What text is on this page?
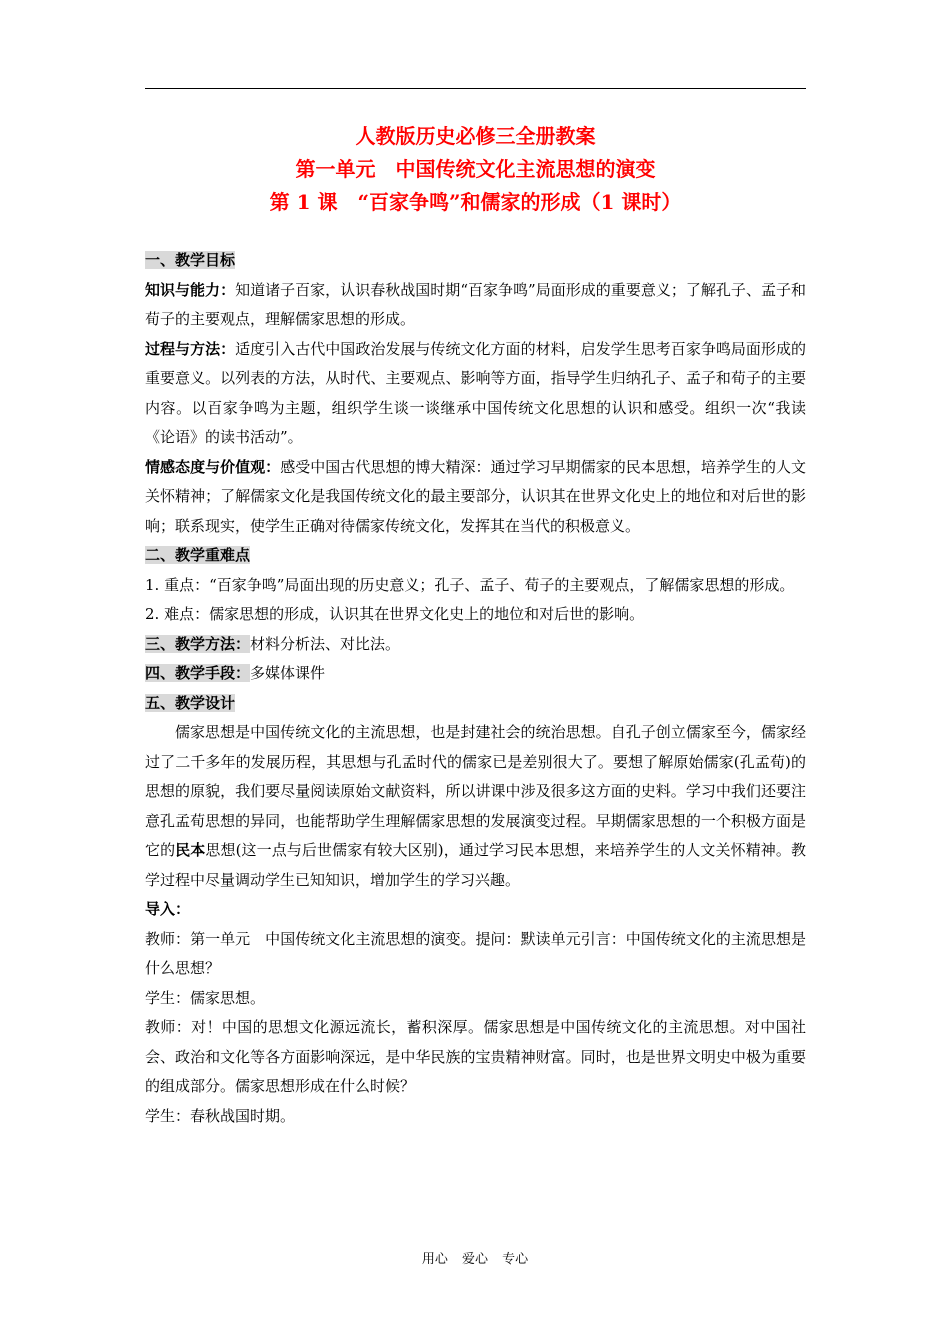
人教版历史必修三全册教案
第一单元　中国传统文化主流思想的演变
第 1 课　“百家争鸣”和儒家的形成（1 课时）

一、教学目标

知识与能力：知道诸子百家，认识春秋战国时期“百家争鸣”局面形成的重要意义；了解孔子、孟子和荀子的主要观点，理解儒家思想的形成。

过程与方法：适度引入古代中国政治发展与传统文化方面的材料，启发学生思考百家争鸣局面形成的重要意义。以列表的方法，从时代、主要观点、影响等方面，指导学生归纳孔子、孟子和荀子的主要内容。以百家争鸣为主题，组织学生谈一谈继承中国传统文化思想的认识和感受。组织一次“我读《论语》的读书活动”。

情感态度与价值观：感受中国古代思想的博大精深：通过学习早期儒家的民本思想，培养学生的人文关怀精神；了解儒家文化是我国传统文化的最主要部分，认识其在世界文化史上的地位和对后世的影响；联系现实，使学生正确对待儒家传统文化，发挥其在当代的积极意义。

二、教学重难点

1. 重点：“百家争鸣”局面出现的历史意义；孔子、孟子、荀子的主要观点，了解儒家思想的形成。

2. 难点：儒家思想的形成，认识其在世界文化史上的地位和对后世的影响。

三、教学方法：材料分析法、对比法。

四、教学手段：多媒体课件

五、教学设计

儒家思想是中国传统文化的主流思想，也是封建社会的统治思想。自孔子创立儒家至今，儒家经过了二千多年的发展历程，其思想与孔孟时代的儒家已是差别很大了。要想了解原始儒家(孔孟荀)的思想的原貌，我们要尽量阅读原始文献资料，所以讲课中涉及很多这方面的史料。学习中我们还要注意孔孟荀思想的异同，也能帮助学生理解儒家思想的发展演变过程。早期儒家思想的一个积极方面是它的民本思想(这一点与后世儒家有较大区别)，通过学习民本思想，来培养学生的人文关怀精神。教学过程中尽量调动学生已知知识，增加学生的学习兴趣。

导入：

教师：第一单元　中国传统文化主流思想的演变。提问：默读单元引言：中国传统文化的主流思想是什么思想？

学生：儒家思想。

教师：对！中国的思想文化源远流长，蓄积深厚。儒家思想是中国传统文化的主流思想。对中国社会、政治和文化等各方面影响深远，是中华民族的宝贵精神财富。同时，也是世界文明史中极为重要的组成部分。儒家思想形成在什么时候？

学生：春秋战国时期。

用心 爱心 专心
